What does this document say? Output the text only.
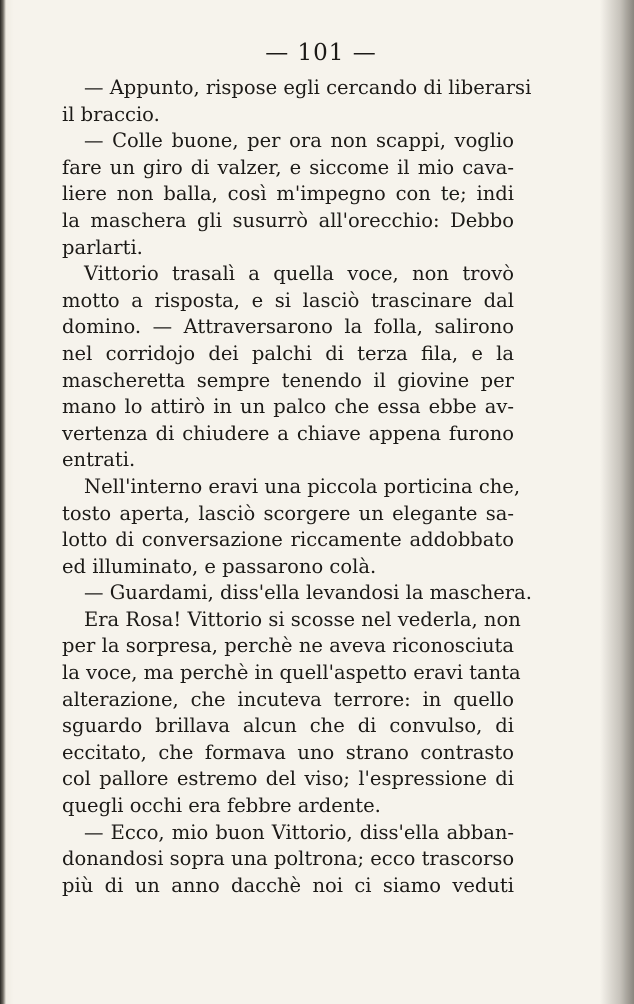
— 101 —
— Appunto, rispose egli cercando di liberarsi
il braccio.
— Colle buone, per ora non scappi, voglio
fare un giro di valzer, e siccome il mio cava-
liere non balla, così m'impegno con te; indi
la maschera gli susurrò all'orecchio: Debbo
parlarti.
Vittorio trasalì a quella voce, non trovò
motto a risposta, e si lasciò trascinare dal
domino. — Attraversarono la folla, salirono
nel corridojo dei palchi di terza fila, e la
mascheretta sempre tenendo il giovine per
mano lo attirò in un palco che essa ebbe av-
vertenza di chiudere a chiave appena furono
entrati.
Nell'interno eravi una piccola porticina che,
tosto aperta, lasciò scorgere un elegante sa-
lotto di conversazione riccamente addobbato
ed illuminato, e passarono colà.
— Guardami, diss'ella levandosi la maschera.
Era Rosa! Vittorio si scosse nel vederla, non
per la sorpresa, perchè ne aveva riconosciuta
la voce, ma perchè in quell'aspetto eravi tanta
alterazione, che incuteva terrore: in quello
sguardo brillava alcun che di convulso, di
eccitato, che formava uno strano contrasto
col pallore estremo del viso; l'espressione di
quegli occhi era febbre ardente.
— Ecco, mio buon Vittorio, diss'ella abban-
donandosi sopra una poltrona; ecco trascorso
più di un anno dacchè noi ci siamo veduti
